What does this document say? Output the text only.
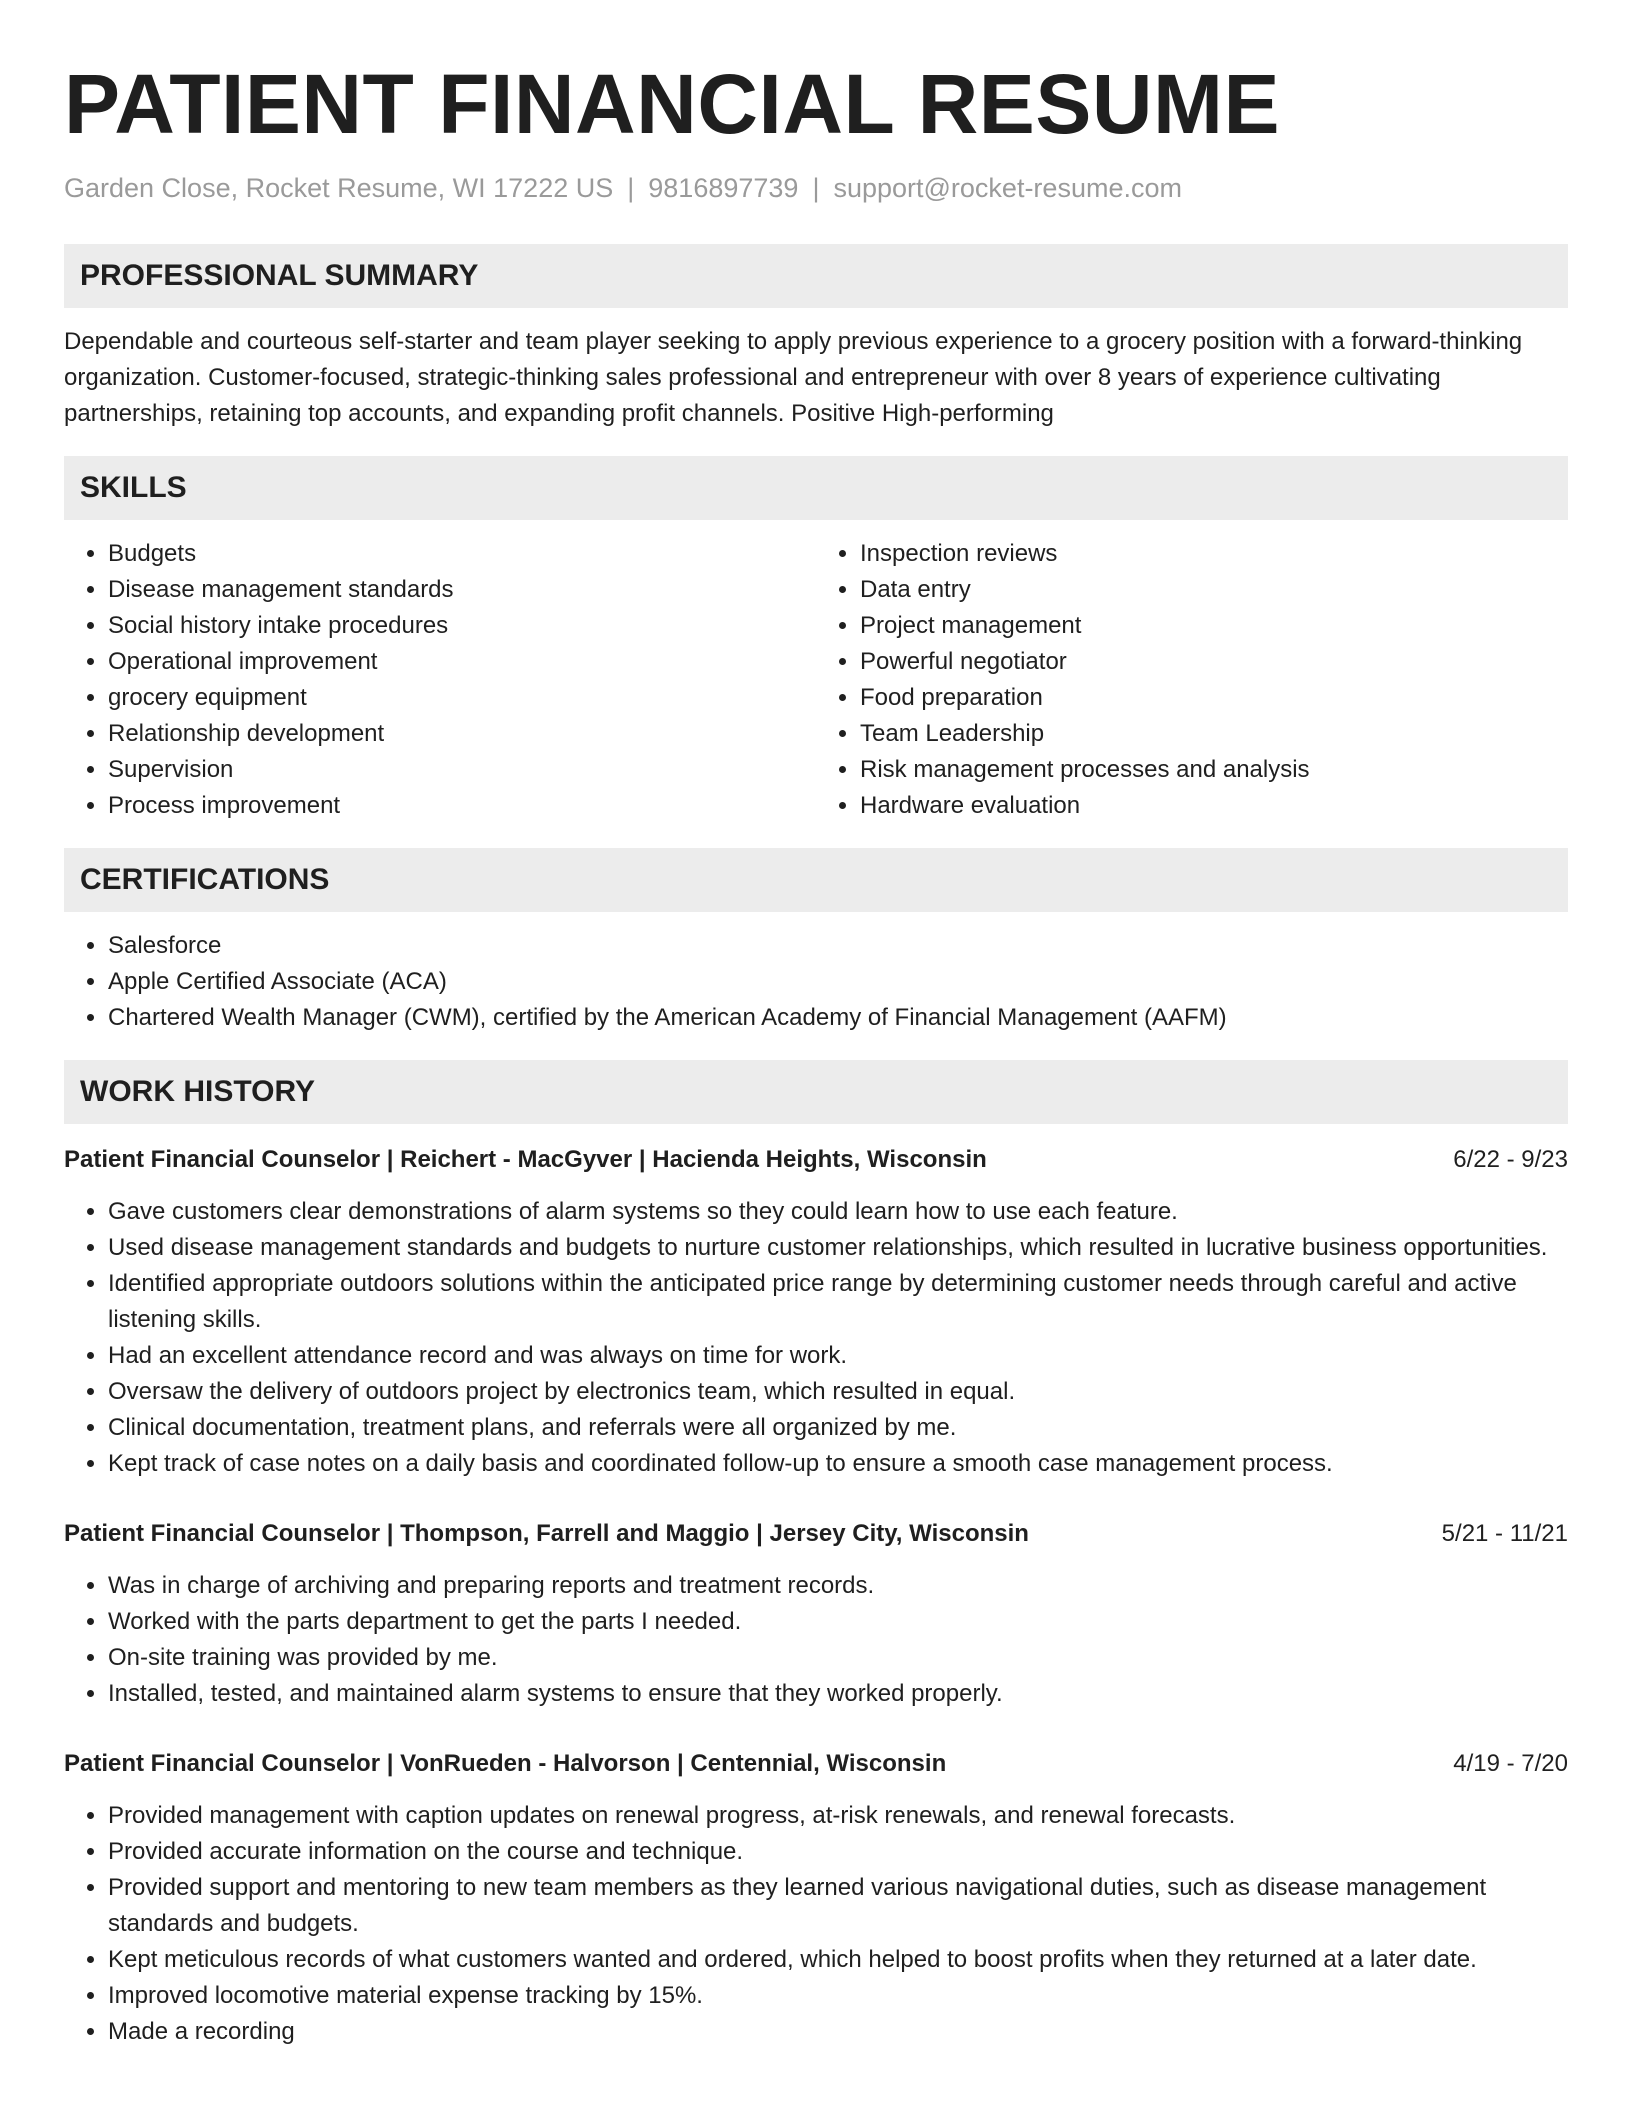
PATIENT FINANCIAL RESUME
Garden Close, Rocket Resume, WI 17222 US | 9816897739 | support@rocket-resume.com
PROFESSIONAL SUMMARY

Dependable and courteous self-starter and team player seeking to apply previous experience to a grocery position with a forward-thinking organization. Customer-focused, strategic-thinking sales professional and entrepreneur with over 8 years of experience cultivating partnerships, retaining top accounts, and expanding profit channels. Positive High-performing

SKILLS
• Budgets
• Disease management standards
• Social history intake procedures
• Operational improvement
• grocery equipment
• Relationship development
• Supervision
• Process improvement
• Inspection reviews
• Data entry
• Project management
• Powerful negotiator
• Food preparation
• Team Leadership
• Risk management processes and analysis
• Hardware evaluation
CERTIFICATIONS
• Salesforce
• Apple Certified Associate (ACA)
• Chartered Wealth Manager (CWM), certified by the American Academy of Financial Management (AAFM)
WORK HISTORY
Patient Financial Counselor | Reichert - MacGyver | Hacienda Heights, Wisconsin	6/22 - 9/23
• Gave customers clear demonstrations of alarm systems so they could learn how to use each feature.
• Used disease management standards and budgets to nurture customer relationships, which resulted in lucrative business opportunities.
• Identified appropriate outdoors solutions within the anticipated price range by determining customer needs through careful and active listening skills.
• Had an excellent attendance record and was always on time for work.
• Oversaw the delivery of outdoors project by electronics team, which resulted in equal.
• Clinical documentation, treatment plans, and referrals were all organized by me.
• Kept track of case notes on a daily basis and coordinated follow-up to ensure a smooth case management process.
Patient Financial Counselor | Thompson, Farrell and Maggio | Jersey City, Wisconsin	5/21 - 11/21
• Was in charge of archiving and preparing reports and treatment records.
• Worked with the parts department to get the parts I needed.
• On-site training was provided by me.
• Installed, tested, and maintained alarm systems to ensure that they worked properly.
Patient Financial Counselor | VonRueden - Halvorson | Centennial, Wisconsin	4/19 - 7/20
• Provided management with caption updates on renewal progress, at-risk renewals, and renewal forecasts.
• Provided accurate information on the course and technique.
• Provided support and mentoring to new team members as they learned various navigational duties, such as disease management standards and budgets.
• Kept meticulous records of what customers wanted and ordered, which helped to boost profits when they returned at a later date.
• Improved locomotive material expense tracking by 15%.
• Made a recording
